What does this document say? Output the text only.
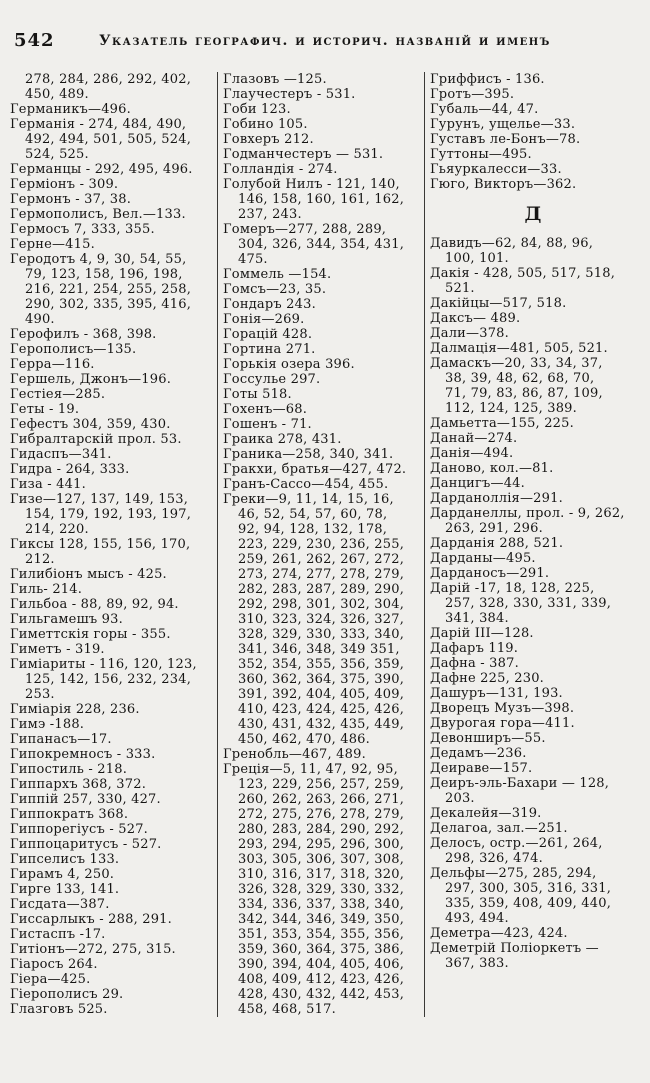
542	Указатель географич. и историч. названій и именъ
278, 284, 286, 292, 402,
450, 489.
Германикъ—496.
Германія - 274, 484, 490,
492, 494, 501, 505, 524,
524, 525.
Германцы - 292, 495, 496.
Герміонъ - 309.
Гермонъ - 37, 38.
Гермополисъ, Вел.—133.
Гермосъ 7, 333, 355.
Герне—415.
Геродотъ 4, 9, 30, 54, 55,
79, 123, 158, 196, 198,
216, 221, 254, 255, 258,
290, 302, 335, 395, 416,
490.
Герофилъ - 368, 398.
Герополисъ—135.
Герра—116.
Гершель, Джонъ—196.
Гестіея—285.
Геты - 19.
Гефестъ 304, 359, 430.
Гибралтарскій прол. 53.
Гидаспъ—341.
Гидра - 264, 333.
Гиза - 441.
Гизе—127, 137, 149, 153,
154, 179, 192, 193, 197,
214, 220.
Гиксы 128, 155, 156, 170,
212.
Гилибіонъ мысъ - 425.
Гиль- 214.
Гильбоа - 88, 89, 92, 94.
Гильгамешъ 93.
Гиметтскія горы - 355.
Гиметъ - 319.
Гиміариты - 116, 120, 123,
125, 142, 156, 232, 234,
253.
Гиміарія 228, 236.
Гимэ -188.
Гипанасъ—17.
Гипокремносъ - 333.
Гипостиль - 218.
Гиппархъ 368, 372.
Гиппій 257, 330, 427.
Гиппократъ 368.
Гиппорегіусъ - 527.
Гиппоцаритусъ - 527.
Гипселисъ 133.
Гирамъ 4, 250.
Гирге 133, 141.
Гисдата—387.
Гиссарлыкъ - 288, 291.
Гистаспъ -17.
Гитіонъ—272, 275, 315.
Гіаросъ 264.
Гіера—425.
Гіерополисъ 29.
Глазговъ 525.
Глазовъ —125.
Глаучестеръ - 531.
Гоби 123.
Гобино 105.
Говхеръ 212.
Годманчестеръ — 531.
Голландія - 274.
Голубой Нилъ - 121, 140,
146, 158, 160, 161, 162,
237, 243.
Гомеръ—277, 288, 289,
304, 326, 344, 354, 431,
475.
Гоммель —154.
Гомсъ—23, 35.
Гондаръ 243.
Гонія—269.
Горацій 428.
Гортина 271.
Горькія озера 396.
Госсулье 297.
Готы 518.
Гохенъ—68.
Гошенъ - 71.
Граика 278, 431.
Граника—258, 340, 341.
Гракхи, братья—427, 472.
Гранъ-Сассо—454, 455.
Греки—9, 11, 14, 15, 16,
46, 52, 54, 57, 60, 78,
92, 94, 128, 132, 178,
223, 229, 230, 236, 255,
259, 261, 262, 267, 272,
273, 274, 277, 278, 279,
282, 283, 287, 289, 290,
292, 298, 301, 302, 304,
310, 323, 324, 326, 327,
328, 329, 330, 333, 340,
341, 346, 348, 349 351,
352, 354, 355, 356, 359,
360, 362, 364, 375, 390,
391, 392, 404, 405, 409,
410, 423, 424, 425, 426,
430, 431, 432, 435, 449,
450, 462, 470, 486.
Гренобль—467, 489.
Греція—5, 11, 47, 92, 95,
123, 229, 256, 257, 259,
260, 262, 263, 266, 271,
272, 275, 276, 278, 279,
280, 283, 284, 290, 292,
293, 294, 295, 296, 300,
303, 305, 306, 307, 308,
310, 316, 317, 318, 320,
326, 328, 329, 330, 332,
334, 336, 337, 338, 340,
342, 344, 346, 349, 350,
351, 353, 354, 355, 356,
359, 360, 364, 375, 386,
390, 394, 404, 405, 406,
408, 409, 412, 423, 426,
428, 430, 432, 442, 453,
458, 468, 517.
Гриффисъ - 136.
Гротъ—395.
Губаль—44, 47.
Гурунъ, ущелье—33.
Густавъ ле-Бонъ—78.
Гуттоны—495.
Гьяуркалесси—33.
Гюго, Викторъ—362.
Д
Давидъ—62, 84, 88, 96,
100, 101.
Дакія - 428, 505, 517, 518,
521.
Дакійцы—517, 518.
Даксъ— 489.
Дали—378.
Далмація—481, 505, 521.
Дамаскъ—20, 33, 34, 37,
38, 39, 48, 62, 68, 70,
71, 79, 83, 86, 87, 109,
112, 124, 125, 389.
Дамьетта—155, 225.
Данай—274.
Данія—494.
Даново, кол.—81.
Данцигъ—44.
Дарданоллія—291.
Дарданеллы, прол. - 9, 262,
263, 291, 296.
Дарданія 288, 521.
Дарданы—495.
Дарданосъ—291.
Дарій -17, 18, 128, 225,
257, 328, 330, 331, 339,
341, 384.
Дарій III—128.
Дафаръ 119.
Дафна - 387.
Дафне 225, 230.
Дашуръ—131, 193.
Дворецъ Музъ—398.
Двурогая гора—411.
Девонширъ—55.
Дедамъ—236.
Деираве—157.
Деиръ-эль-Бахари — 128,
203.
Декалейя—319.
Делагоа, зал.—251.
Делосъ, остр.—261, 264,
298, 326, 474.
Дельфы—275, 285, 294,
297, 300, 305, 316, 331,
335, 359, 408, 409, 440,
493, 494.
Деметра—423, 424.
Деметрій Поліоркетъ —
367, 383.
